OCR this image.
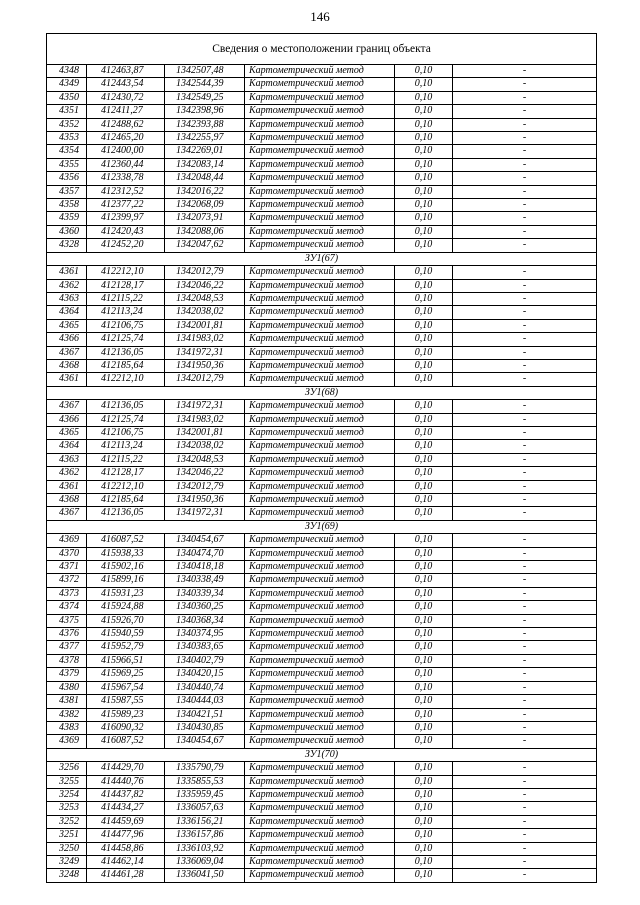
146
Сведения о местоположении границ объекта					
4348	412463,87	1342507,48	Картометрический метод	0,10	-
4349	412443,54	1342544,39	Картометрический метод	0,10	-
4350	412430,72	1342549,25	Картометрический метод	0,10	-
4351	412411,27	1342398,96	Картометрический метод	0,10	-
4352	412488,62	1342393,88	Картометрический метод	0,10	-
4353	412465,20	1342255,97	Картометрический метод	0,10	-
4354	412400,00	1342269,01	Картометрический метод	0,10	-
4355	412360,44	1342083,14	Картометрический метод	0,10	-
4356	412338,78	1342048,44	Картометрический метод	0,10	-
4357	412312,52	1342016,22	Картометрический метод	0,10	-
4358	412377,22	1342068,09	Картометрический метод	0,10	-
4359	412399,97	1342073,91	Картометрический метод	0,10	-
4360	412420,43	1342088,06	Картометрический метод	0,10	-
4328	412452,20	1342047,62	Картометрический метод	0,10	-
ЗУ1(67)					
4361	412212,10	1342012,79	Картометрический метод	0,10	-
4362	412128,17	1342046,22	Картометрический метод	0,10	-
4363	412115,22	1342048,53	Картометрический метод	0,10	-
4364	412113,24	1342038,02	Картометрический метод	0,10	-
4365	412106,75	1342001,81	Картометрический метод	0,10	-
4366	412125,74	1341983,02	Картометрический метод	0,10	-
4367	412136,05	1341972,31	Картометрический метод	0,10	-
4368	412185,64	1341950,36	Картометрический метод	0,10	-
4361	412212,10	1342012,79	Картометрический метод	0,10	-
ЗУ1(68)					
4367	412136,05	1341972,31	Картометрический метод	0,10	-
4366	412125,74	1341983,02	Картометрический метод	0,10	-
4365	412106,75	1342001,81	Картометрический метод	0,10	-
4364	412113,24	1342038,02	Картометрический метод	0,10	-
4363	412115,22	1342048,53	Картометрический метод	0,10	-
4362	412128,17	1342046,22	Картометрический метод	0,10	-
4361	412212,10	1342012,79	Картометрический метод	0,10	-
4368	412185,64	1341950,36	Картометрический метод	0,10	-
4367	412136,05	1341972,31	Картометрический метод	0,10	-
ЗУ1(69)					
4369	416087,52	1340454,67	Картометрический метод	0,10	-
4370	415938,33	1340474,70	Картометрический метод	0,10	-
4371	415902,16	1340418,18	Картометрический метод	0,10	-
4372	415899,16	1340338,49	Картометрический метод	0,10	-
4373	415931,23	1340339,34	Картометрический метод	0,10	-
4374	415924,88	1340360,25	Картометрический метод	0,10	-
4375	415926,70	1340368,34	Картометрический метод	0,10	-
4376	415940,59	1340374,95	Картометрический метод	0,10	-
4377	415952,79	1340383,65	Картометрический метод	0,10	-
4378	415966,51	1340402,79	Картометрический метод	0,10	-
4379	415969,25	1340420,15	Картометрический метод	0,10	-
4380	415967,54	1340440,74	Картометрический метод	0,10	-
4381	415987,55	1340444,03	Картометрический метод	0,10	-
4382	415989,23	1340421,51	Картометрический метод	0,10	-
4383	416090,32	1340430,85	Картометрический метод	0,10	-
4369	416087,52	1340454,67	Картометрический метод	0,10	-
ЗУ1(70)					
3256	414429,70	1335790,79	Картометрический метод	0,10	-
3255	414440,76	1335855,53	Картометрический метод	0,10	-
3254	414437,82	1335959,45	Картометрический метод	0,10	-
3253	414434,27	1336057,63	Картометрический метод	0,10	-
3252	414459,69	1336156,21	Картометрический метод	0,10	-
3251	414477,96	1336157,86	Картометрический метод	0,10	-
3250	414458,86	1336103,92	Картометрический метод	0,10	-
3249	414462,14	1336069,04	Картометрический метод	0,10	-
3248	414461,28	1336041,50	Картометрический метод	0,10	-
